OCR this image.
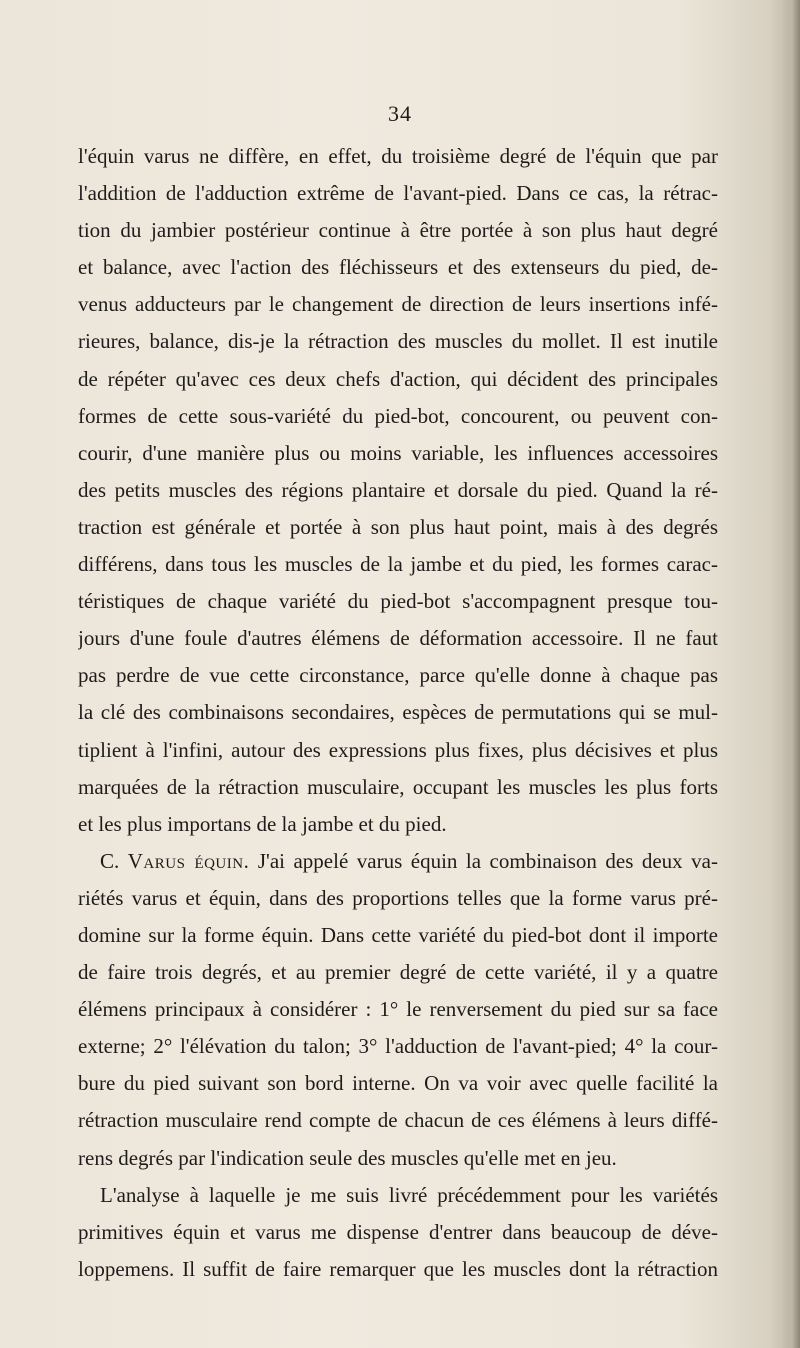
34
l'équin varus ne diffère, en effet, du troisième degré de l'équin que par
l'addition de l'adduction extrême de l'avant-pied. Dans ce cas, la rétrac-
tion du jambier postérieur continue à être portée à son plus haut degré
et balance, avec l'action des fléchisseurs et des extenseurs du pied, de-
venus adducteurs par le changement de direction de leurs insertions infé-
rieures, balance, dis-je la rétraction des muscles du mollet. Il est inutile
de répéter qu'avec ces deux chefs d'action, qui décident des principales
formes de cette sous-variété du pied-bot, concourent, ou peuvent con-
courir, d'une manière plus ou moins variable, les influences accessoires
des petits muscles des régions plantaire et dorsale du pied. Quand la ré-
traction est générale et portée à son plus haut point, mais à des degrés
différens, dans tous les muscles de la jambe et du pied, les formes carac-
téristiques de chaque variété du pied-bot s'accompagnent presque tou-
jours d'une foule d'autres élémens de déformation accessoire. Il ne faut
pas perdre de vue cette circonstance, parce qu'elle donne à chaque pas
la clé des combinaisons secondaires, espèces de permutations qui se mul-
tiplient à l'infini, autour des expressions plus fixes, plus décisives et plus
marquées de la rétraction musculaire, occupant les muscles les plus forts
et les plus importans de la jambe et du pied.
C. Varus équin. J'ai appelé varus équin la combinaison des deux va-
riétés varus et équin, dans des proportions telles que la forme varus pré-
domine sur la forme équin. Dans cette variété du pied-bot dont il importe
de faire trois degrés, et au premier degré de cette variété, il y a quatre
élémens principaux à considérer : 1° le renversement du pied sur sa face
externe; 2° l'élévation du talon; 3° l'adduction de l'avant-pied; 4° la cour-
bure du pied suivant son bord interne. On va voir avec quelle facilité la
rétraction musculaire rend compte de chacun de ces élémens à leurs diffé-
rens degrés par l'indication seule des muscles qu'elle met en jeu.
L'analyse à laquelle je me suis livré précédemment pour les variétés
primitives équin et varus me dispense d'entrer dans beaucoup de déve-
loppemens. Il suffit de faire remarquer que les muscles dont la rétraction
